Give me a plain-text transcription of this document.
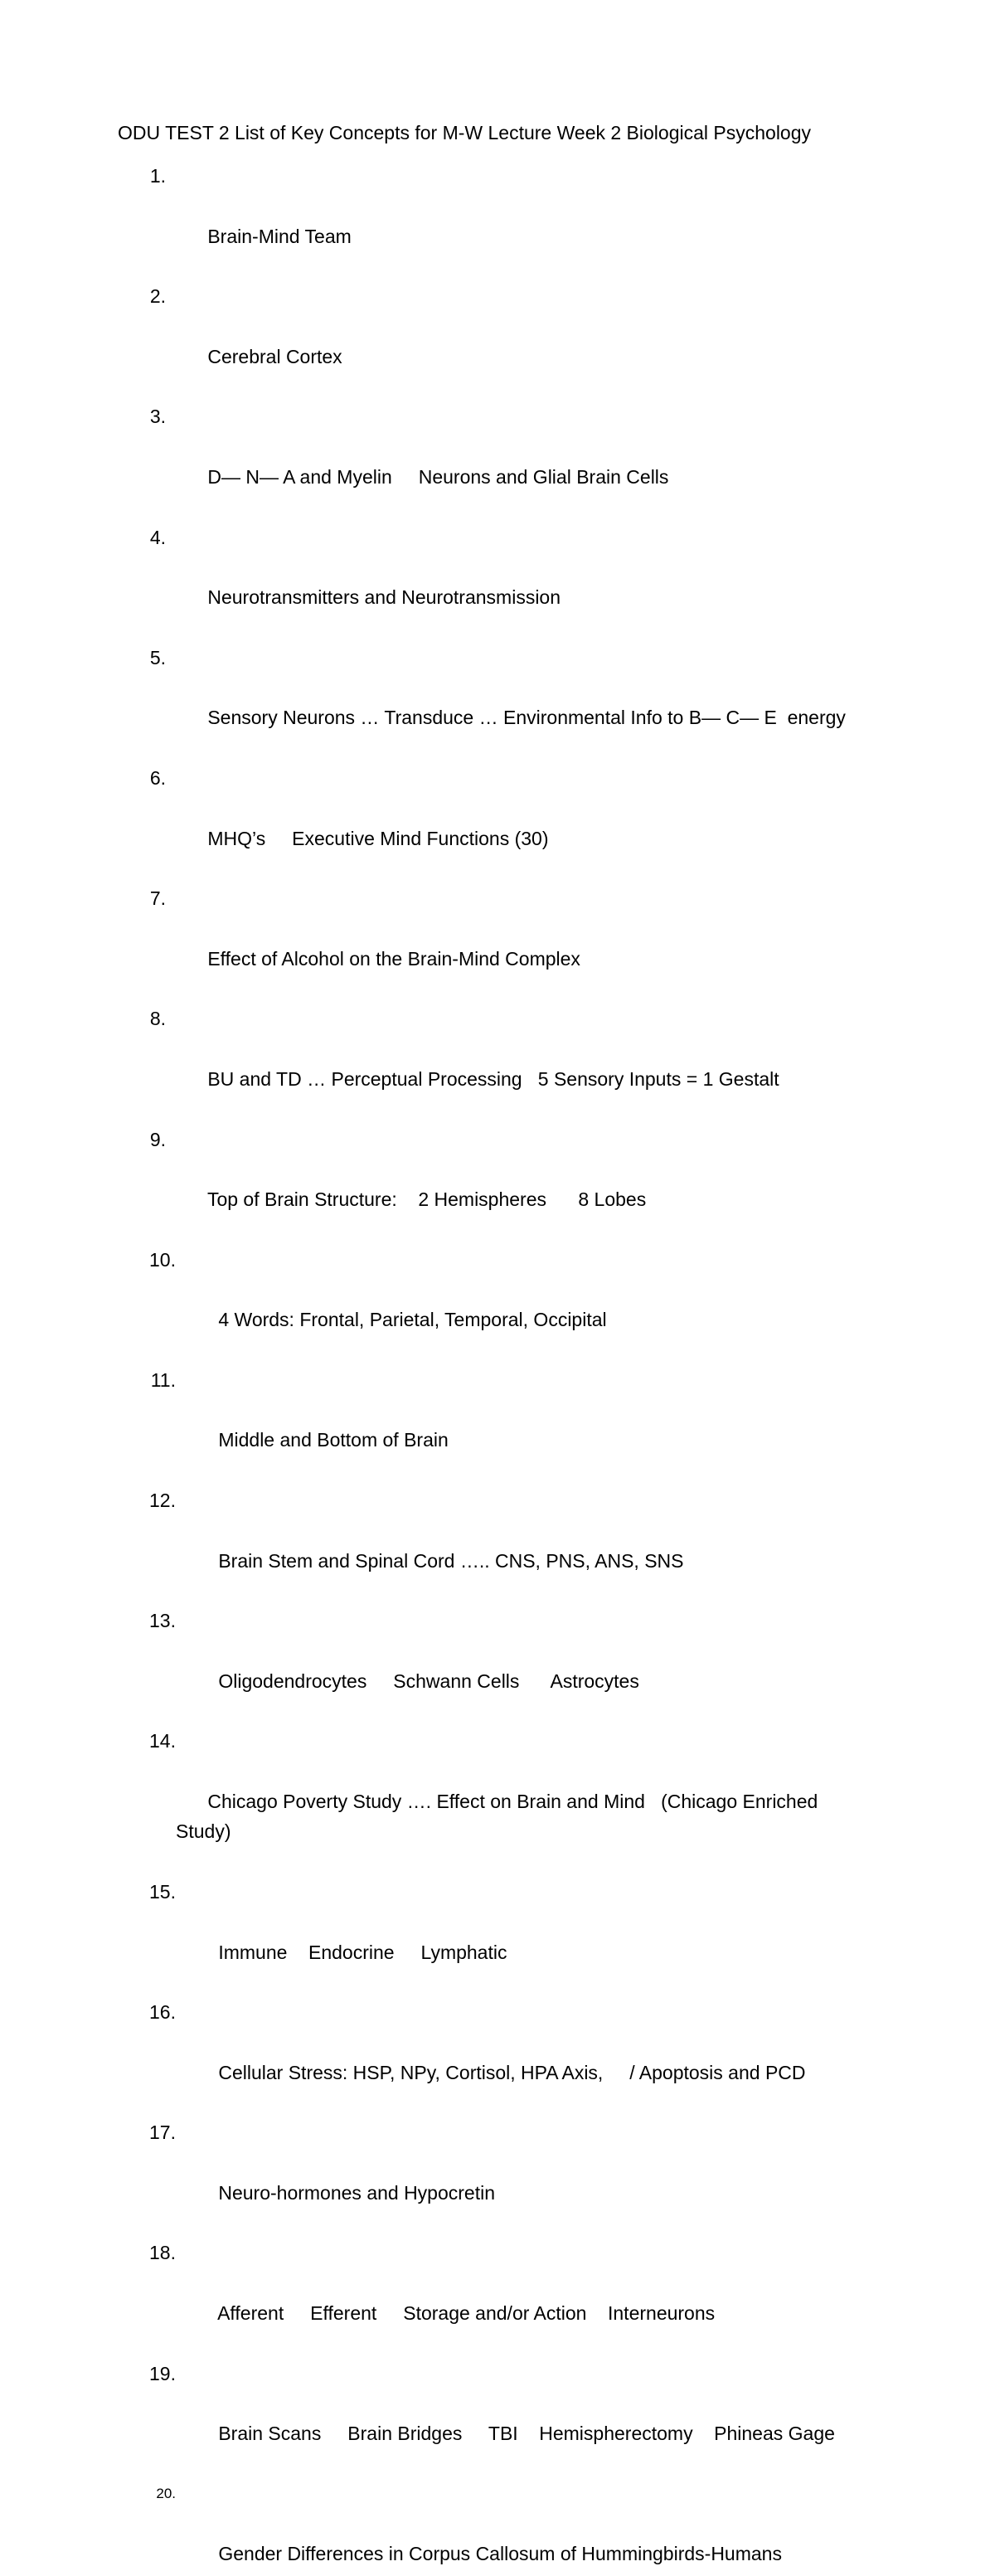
ODU TEST 2 List of Key Concepts for M-W Lecture Week 2 Biological Psychology

1.

Brain-Mind Team

2.

Cerebral Cortex

3.

D— N— A and Myelin     Neurons and Glial Brain Cells

4.

Neurotransmitters and Neurotransmission

5.

Sensory Neurons … Transduce … Environmental Info to B— C— E  energy

6.

MHQ’s     Executive Mind Functions (30)

7.

Effect of Alcohol on the Brain-Mind Complex

8.

BU and TD … Perceptual Processing   5 Sensory Inputs = 1 Gestalt

9.

Top of Brain Structure:    2 Hemispheres      8 Lobes

10.

4 Words: Frontal, Parietal, Temporal, Occipital

11.

Middle and Bottom of Brain

12.

Brain Stem and Spinal Cord ….. CNS, PNS, ANS, SNS

13.

Oligodendrocytes     Schwann Cells      Astrocytes

14.

Chicago Poverty Study …. Effect on Brain and Mind   (Chicago Enriched Study)

15.

Immune    Endocrine     Lymphatic

16.

Cellular Stress: HSP, NPy, Cortisol, HPA Axis,     / Apoptosis and PCD

17.

Neuro-hormones and Hypocretin

18.

Afferent     Efferent     Storage and/or Action    Interneurons

19.

Brain Scans     Brain Bridges     TBI    Hemispherectomy    Phineas Gage

20.

Gender Differences in Corpus Callosum of Hummingbirds-Humans
